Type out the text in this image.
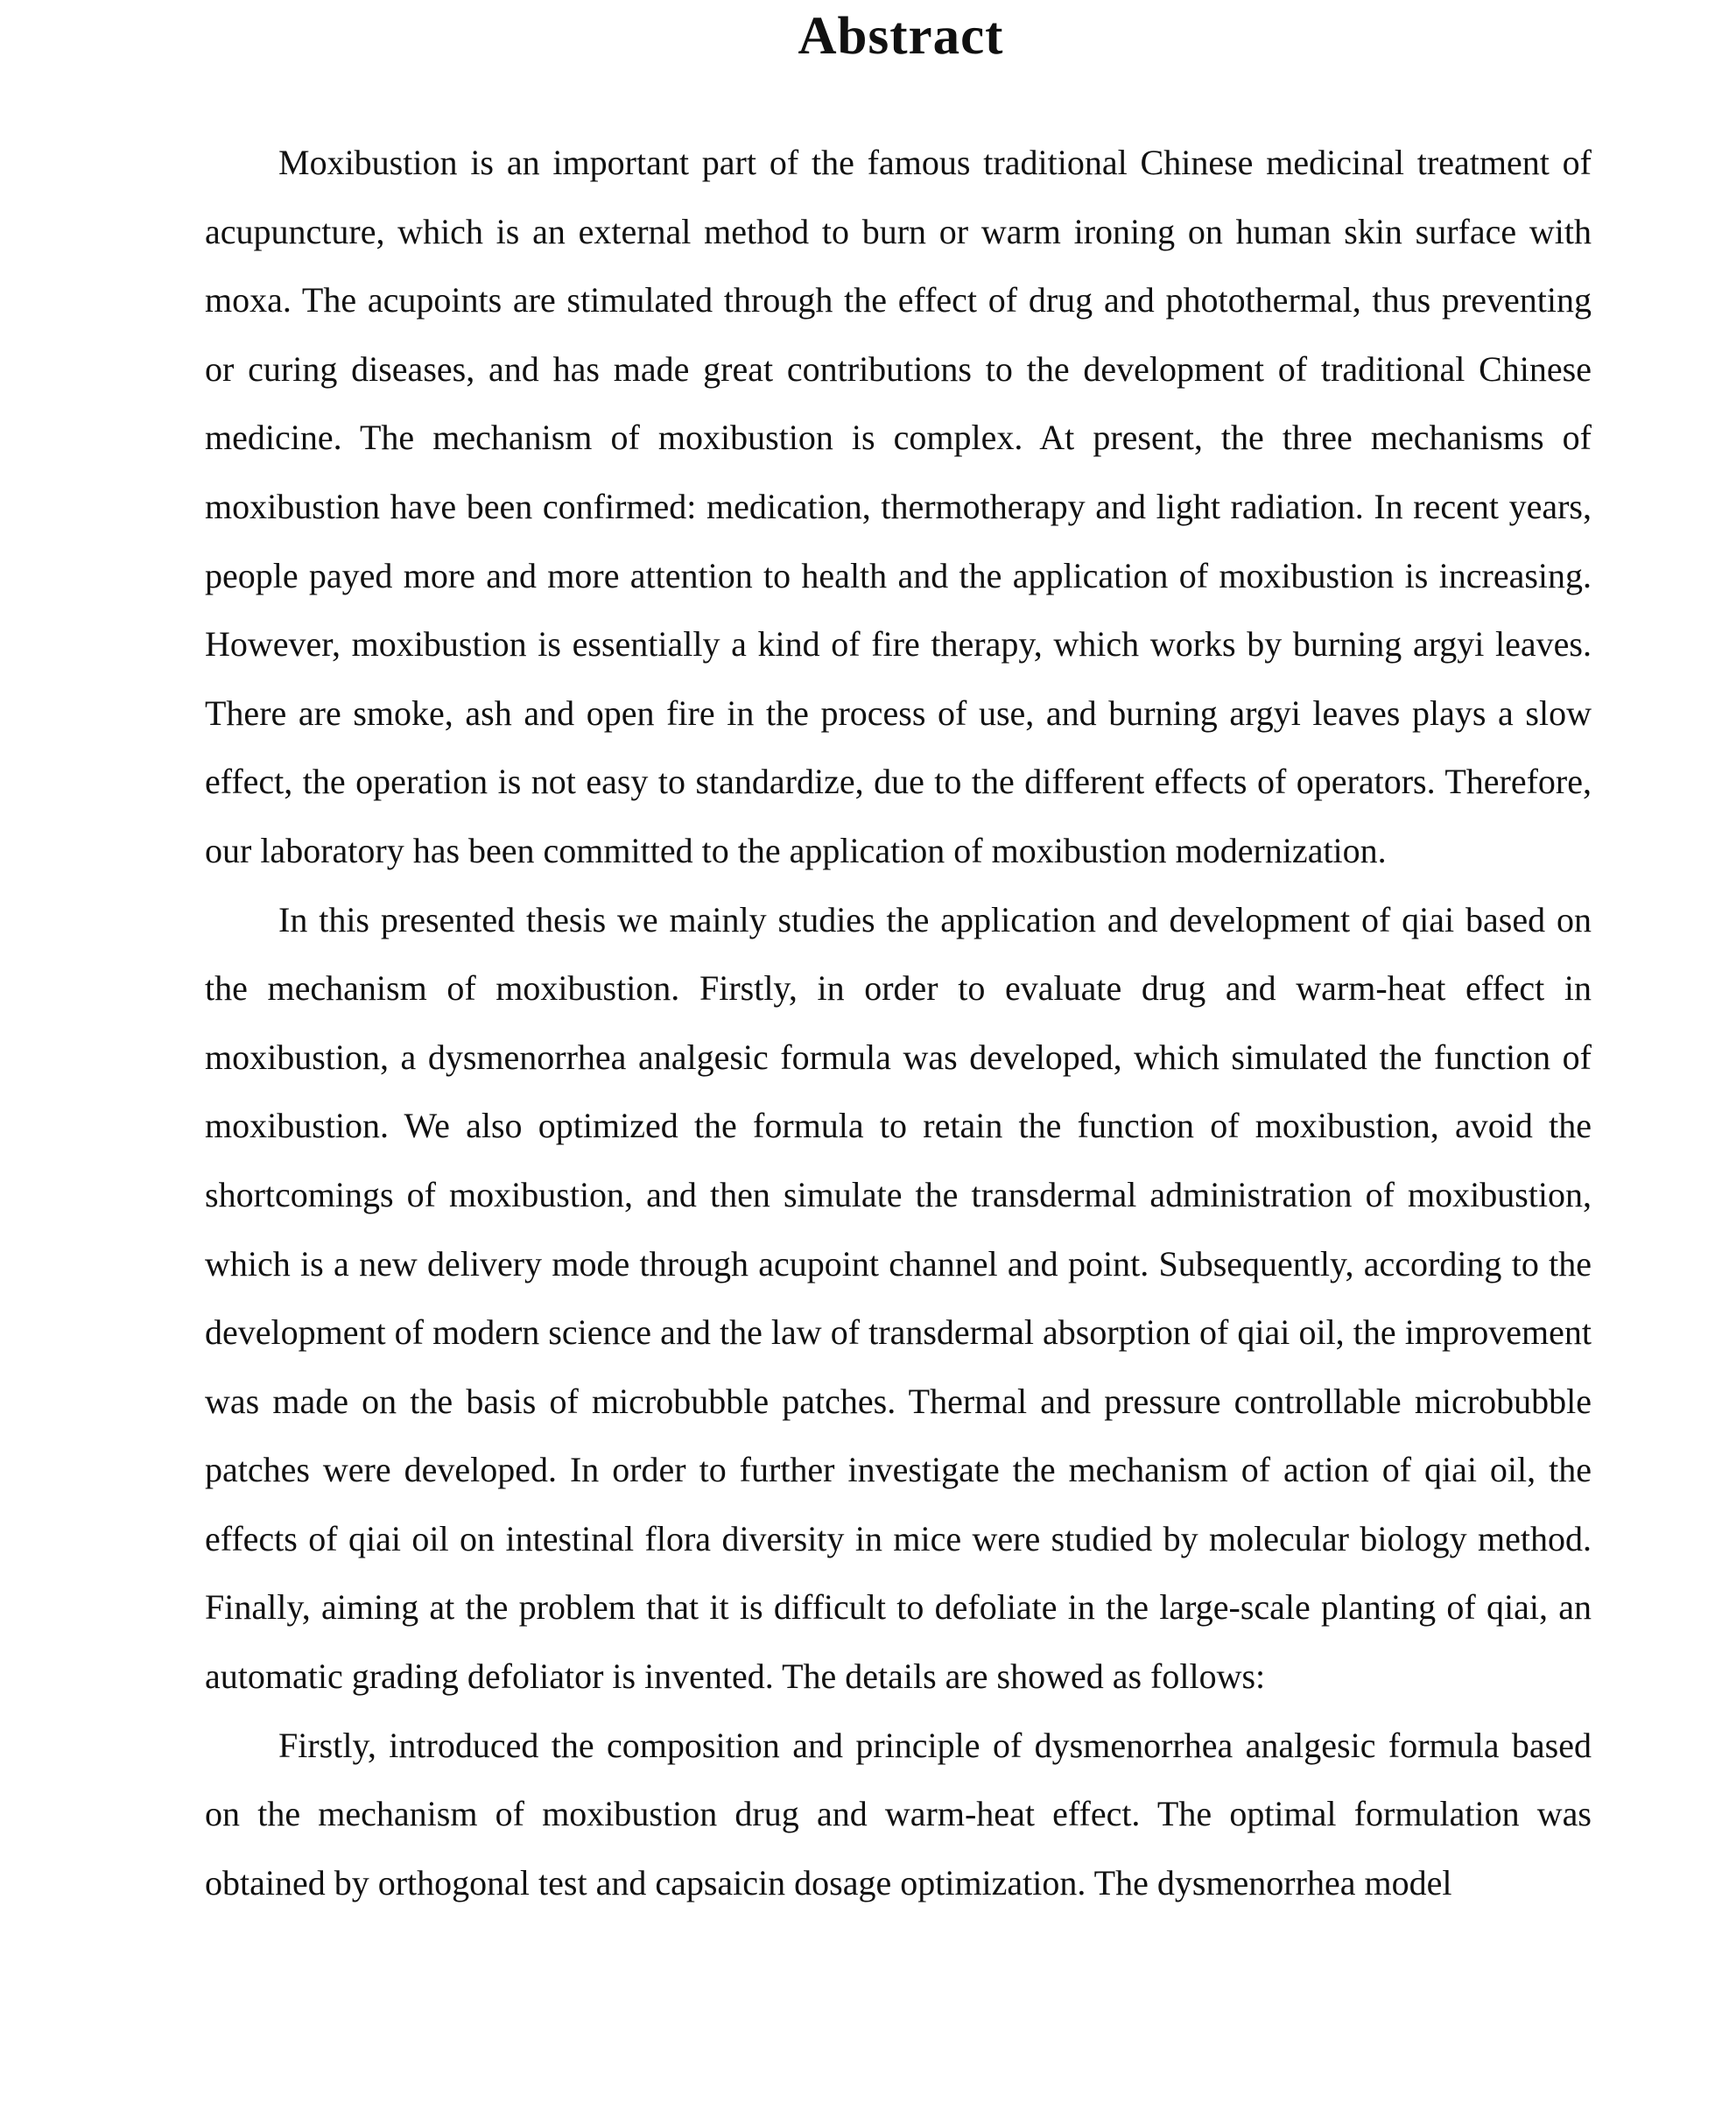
Abstract

Moxibustion is an important part of the famous traditional Chinese medicinal treatment of acupuncture, which is an external method to burn or warm ironing on human skin surface with moxa. The acupoints are stimulated through the effect of drug and photothermal, thus preventing or curing diseases, and has made great contributions to the development of traditional Chinese medicine. The mechanism of moxibustion is complex. At present, the three mechanisms of moxibustion have been confirmed: medication, thermotherapy and light radiation. In recent years, people payed more and more attention to health and the application of moxibustion is increasing. However, moxibustion is essentially a kind of fire therapy, which works by burning argyi leaves. There are smoke, ash and open fire in the process of use, and burning argyi leaves plays a slow effect, the operation is not easy to standardize, due to the different effects of operators. Therefore, our laboratory has been committed to the application of moxibustion modernization.

In this presented thesis we mainly studies the application and development of qiai based on the mechanism of moxibustion. Firstly, in order to evaluate drug and warm-heat effect in moxibustion, a dysmenorrhea analgesic formula was developed, which simulated the function of moxibustion. We also optimized the formula to retain the function of moxibustion, avoid the shortcomings of moxibustion, and then simulate the transdermal administration of moxibustion, which is a new delivery mode through acupoint channel and point. Subsequently, according to the development of modern science and the law of transdermal absorption of qiai oil, the improvement was made on the basis of microbubble patches. Thermal and pressure controllable microbubble patches were developed. In order to further investigate the mechanism of action of qiai oil, the effects of qiai oil on intestinal flora diversity in mice were studied by molecular biology method. Finally, aiming at the problem that it is difficult to defoliate in the large-scale planting of qiai, an automatic grading defoliator is invented. The details are showed as follows:

Firstly, introduced the composition and principle of dysmenorrhea analgesic formula based on the mechanism of moxibustion drug and warm-heat effect. The optimal formulation was obtained by orthogonal test and capsaicin dosage optimization. The dysmenorrhea model
